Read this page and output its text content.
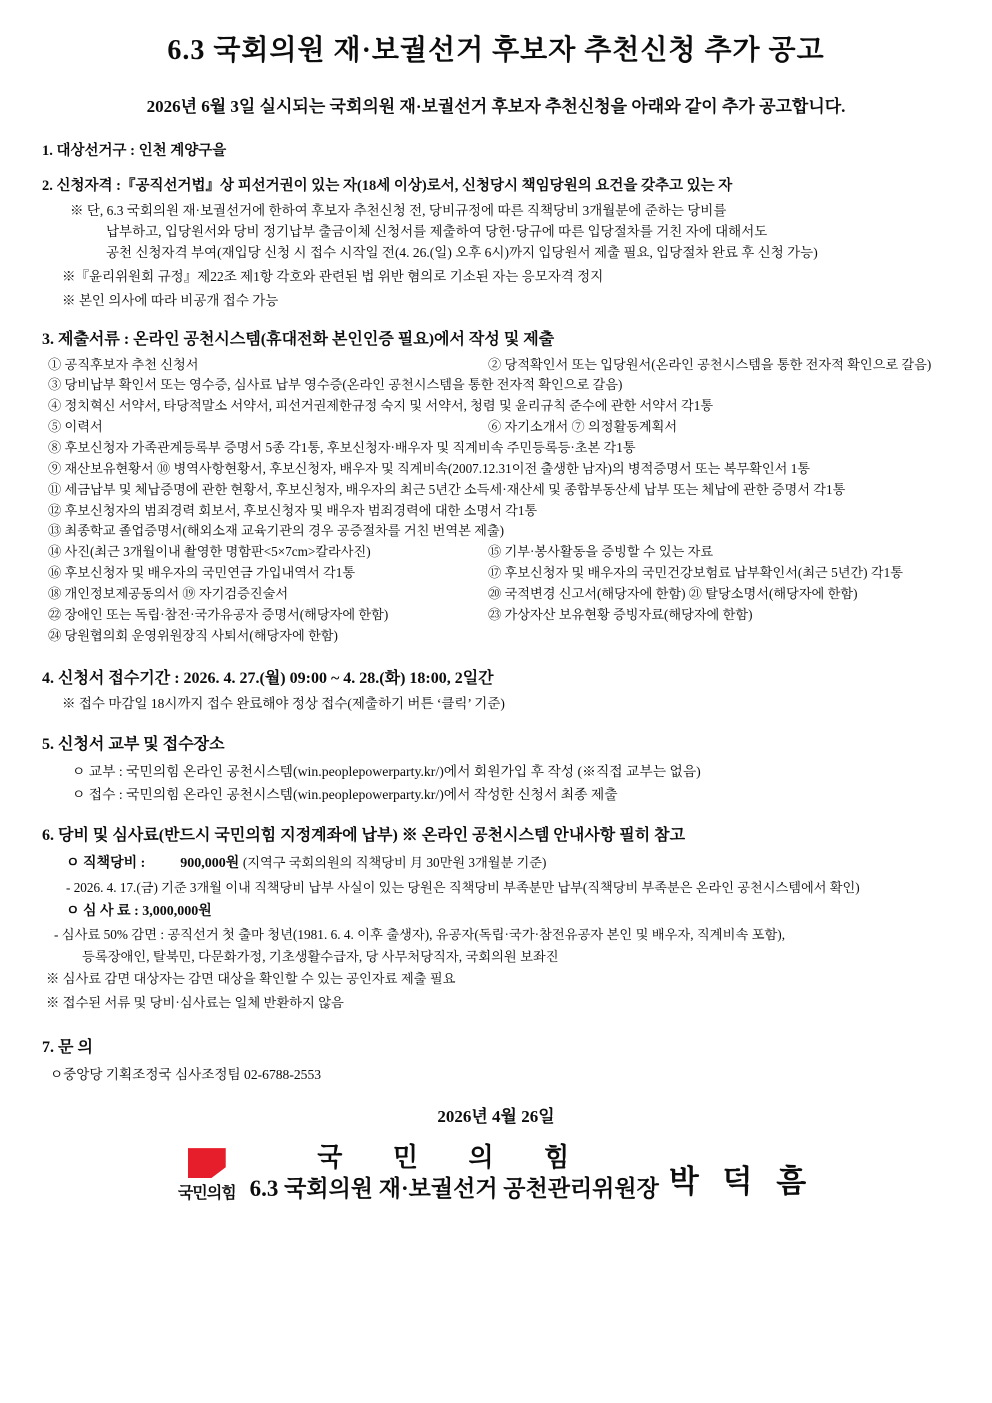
6.3 국회의원 재·보궐선거 후보자 추천신청 추가 공고
2026년 6월 3일 실시되는 국회의원 재·보궐선거 후보자 추천신청을 아래와 같이 추가 공고합니다.
1. 대상선거구 : 인천 계양구을
2. 신청자격 :『공직선거법』상 피선거권이 있는 자(18세 이상)로서, 신청당시 책임당원의 요건을 갖추고 있는 자
※ 단, 6.3 국회의원 재·보궐선거에 한하여 후보자 추천신청 전, 당비규정에 따른 직책당비 3개월분에 준하는 당비를
납부하고, 입당원서와 당비 정기납부 출금이체 신청서를 제출하여 당헌·당규에 따른 입당절차를 거친 자에 대해서도
공천 신청자격 부여(재입당 신청 시 접수 시작일 전(4. 26.(일) 오후 6시)까지 입당원서 제출 필요, 입당절차 완료 후 신청 가능)
※『윤리위원회 규정』제22조 제1항 각호와 관련된 법 위반 혐의로 기소된 자는 응모자격 정지
※ 본인 의사에 따라 비공개 접수 가능
3. 제출서류 : 온라인 공천시스템(휴대전화 본인인증 필요)에서 작성 및 제출
① 공직후보자 추천 신청서	② 당적확인서 또는 입당원서(온라인 공천시스템을 통한 전자적 확인으로 갈음)
③ 당비납부 확인서 또는 영수증, 심사료 납부 영수증(온라인 공천시스템을 통한 전자적 확인으로 갈음)
④ 정치혁신 서약서, 타당적말소 서약서, 피선거권제한규정 숙지 및 서약서, 청렴 및 윤리규칙 준수에 관한 서약서 각1통
⑤ 이력서	⑥ 자기소개서 ⑦ 의정활동계획서
⑧ 후보신청자 가족관계등록부 증명서 5종 각1통, 후보신청자·배우자 및 직계비속 주민등록등·초본 각1통
⑨ 재산보유현황서 ⑩ 병역사항현황서, 후보신청자, 배우자 및 직계비속(2007.12.31이전 출생한 남자)의 병적증명서 또는 복무확인서 1통
⑪ 세금납부 및 체납증명에 관한 현황서, 후보신청자, 배우자의 최근 5년간 소득세·재산세 및 종합부동산세 납부 또는 체납에 관한 증명서 각1통
⑫ 후보신청자의 범죄경력 회보서, 후보신청자 및 배우자 범죄경력에 대한 소명서 각1통
⑬ 최종학교 졸업증명서(해외소재 교육기관의 경우 공증절차를 거친 번역본 제출)
⑭ 사진(최근 3개월이내 촬영한 명함판<5×7cm>칼라사진)	⑮ 기부·봉사활동을 증빙할 수 있는 자료
⑯ 후보신청자 및 배우자의 국민연금 가입내역서 각1통	⑰ 후보신청자 및 배우자의 국민건강보험료 납부확인서(최근 5년간) 각1통
⑱ 개인정보제공동의서 ⑲ 자기검증진술서	⑳ 국적변경 신고서(해당자에 한함) ㉑ 탈당소명서(해당자에 한함)
㉒ 장애인 또는 독립·참전·국가유공자 증명서(해당자에 한함)	㉓ 가상자산 보유현황 증빙자료(해당자에 한함)
㉔ 당원협의회 운영위원장직 사퇴서(해당자에 한함)
4. 신청서 접수기간 : 2026. 4. 27.(월) 09:00 ~ 4. 28.(화) 18:00, 2일간
※ 접수 마감일 18시까지 접수 완료해야 정상 접수(제출하기 버튼 ‘클릭’ 기준)
5. 신청서 교부 및 접수장소
ㅇ 교부 : 국민의힘 온라인 공천시스템(win.peoplepowerparty.kr/)에서 회원가입 후 작성 (※직접 교부는 없음)
ㅇ 접수 : 국민의힘 온라인 공천시스템(win.peoplepowerparty.kr/)에서 작성한 신청서 최종 제출
6. 당비 및 심사료(반드시 국민의힘 지정계좌에 납부) ※ 온라인 공천시스템 안내사항 필히 참고
ㅇ 직책당비 :	900,000원 (지역구 국회의원의 직책당비 月 30만원 3개월분 기준)
- 2026. 4. 17.(금) 기준 3개월 이내 직책당비 납부 사실이 있는 당원은 직책당비 부족분만 납부(직책당비 부족분은 온라인 공천시스템에서 확인)
ㅇ 심 사 료 : 3,000,000원
- 심사료 50% 감면 : 공직선거 첫 출마 청년(1981. 6. 4. 이후 출생자), 유공자(독립·국가·참전유공자 본인 및 배우자, 직계비속 포함),
등록장애인, 탈북민, 다문화가정, 기초생활수급자, 당 사무처당직자, 국회의원 보좌진
※ 심사료 감면 대상자는 감면 대상을 확인할 수 있는 공인자료 제출 필요
※ 접수된 서류 및 당비·심사료는 일체 반환하지 않음
7. 문 의
ㅇ중앙당 기획조정국 심사조정팀 02-6788-2553
2026년 4월 26일
국민의힘
국 민 의 힘
6.3 국회의원 재·보궐선거 공천관리위원장 박 덕 흠
